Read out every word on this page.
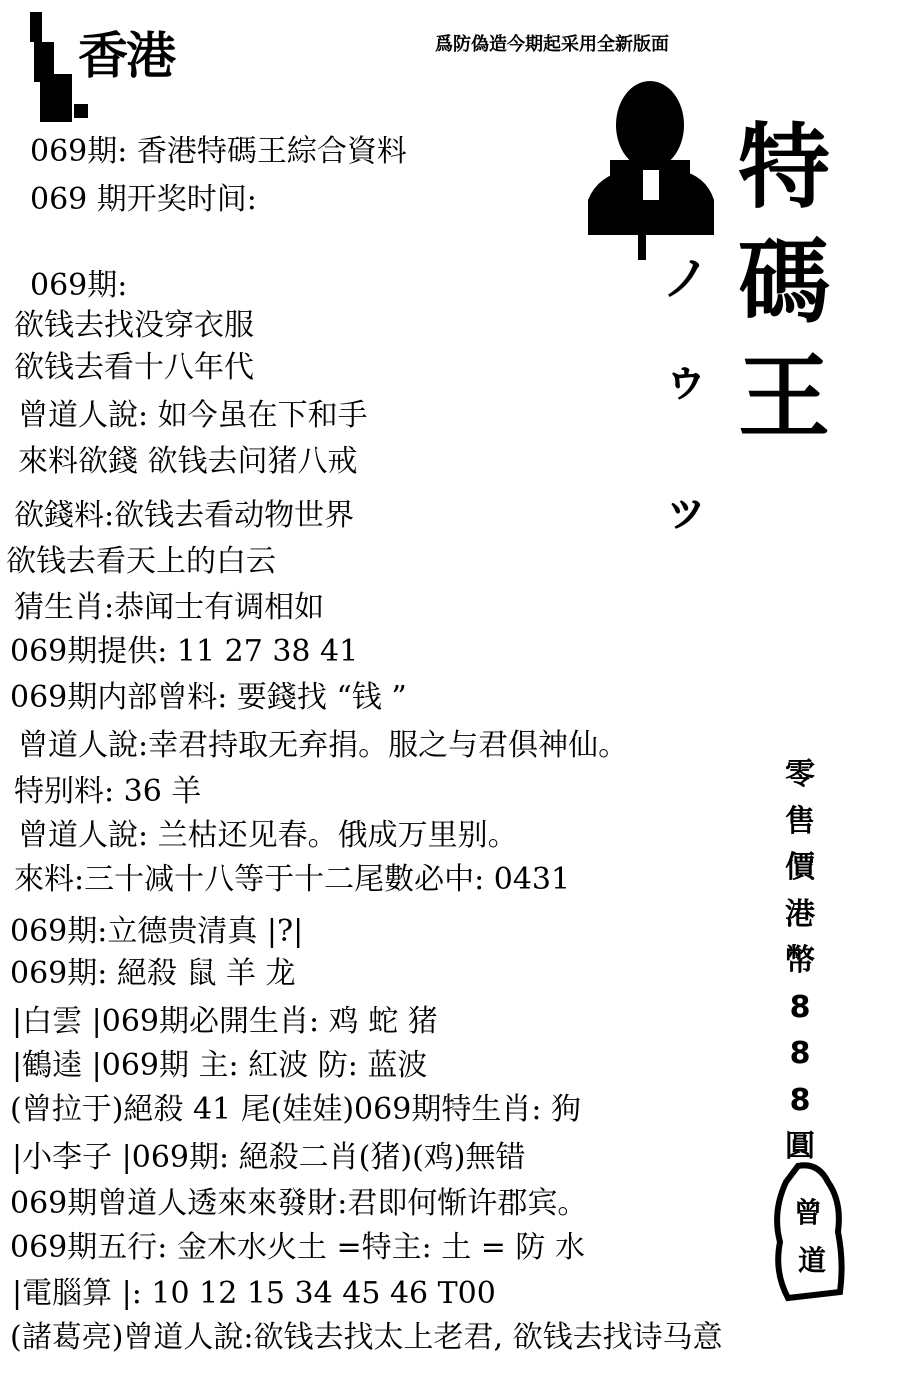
香港	爲防偽造今期起采用全新版面
ノ
ゥ
ッ
特
碼
王
零
售
價
港
幣
8
8
8
圓
曾
道
069期: 香港特碼王綜合資料
069 期开奖时间:
069期:
欲钱去找没穿衣服
欲钱去看十八年代
曾道人說: 如今虽在下和手
來料欲錢 欲钱去问猪八戒
欲錢料:欲钱去看动物世界
欲钱去看天上的白云
猜生肖:恭闻士有调相如
069期提供: 11 27 38 41
069期内部曾料: 要錢找 “钱 ”
曾道人說:幸君持取无弃捐。服之与君俱神仙。
特别料: 36 羊
曾道人說: 兰枯还见春。俄成万里别。
來料:三十减十八等于十二尾數必中: 0431
069期:立德贵清真 |?|
069期: 絕殺 鼠 羊 龙
|白雲 |069期必開生肖: 鸡 蛇 猪
|鶴逵 |069期 主: 紅波 防: 蓝波
(曾拉于)絕殺 41 尾(娃娃)069期特生肖: 狗
|小李子 |069期: 絕殺二肖(猪)(鸡)無错
069期曾道人透來來發財:君即何惭许郡宾。
069期五行: 金木水火土 =特主: 土 = 防 水
|電腦算 |: 10 12 15 34 45 46 T00
(諸葛亮)曾道人說:欲钱去找太上老君, 欲钱去找诗马意
